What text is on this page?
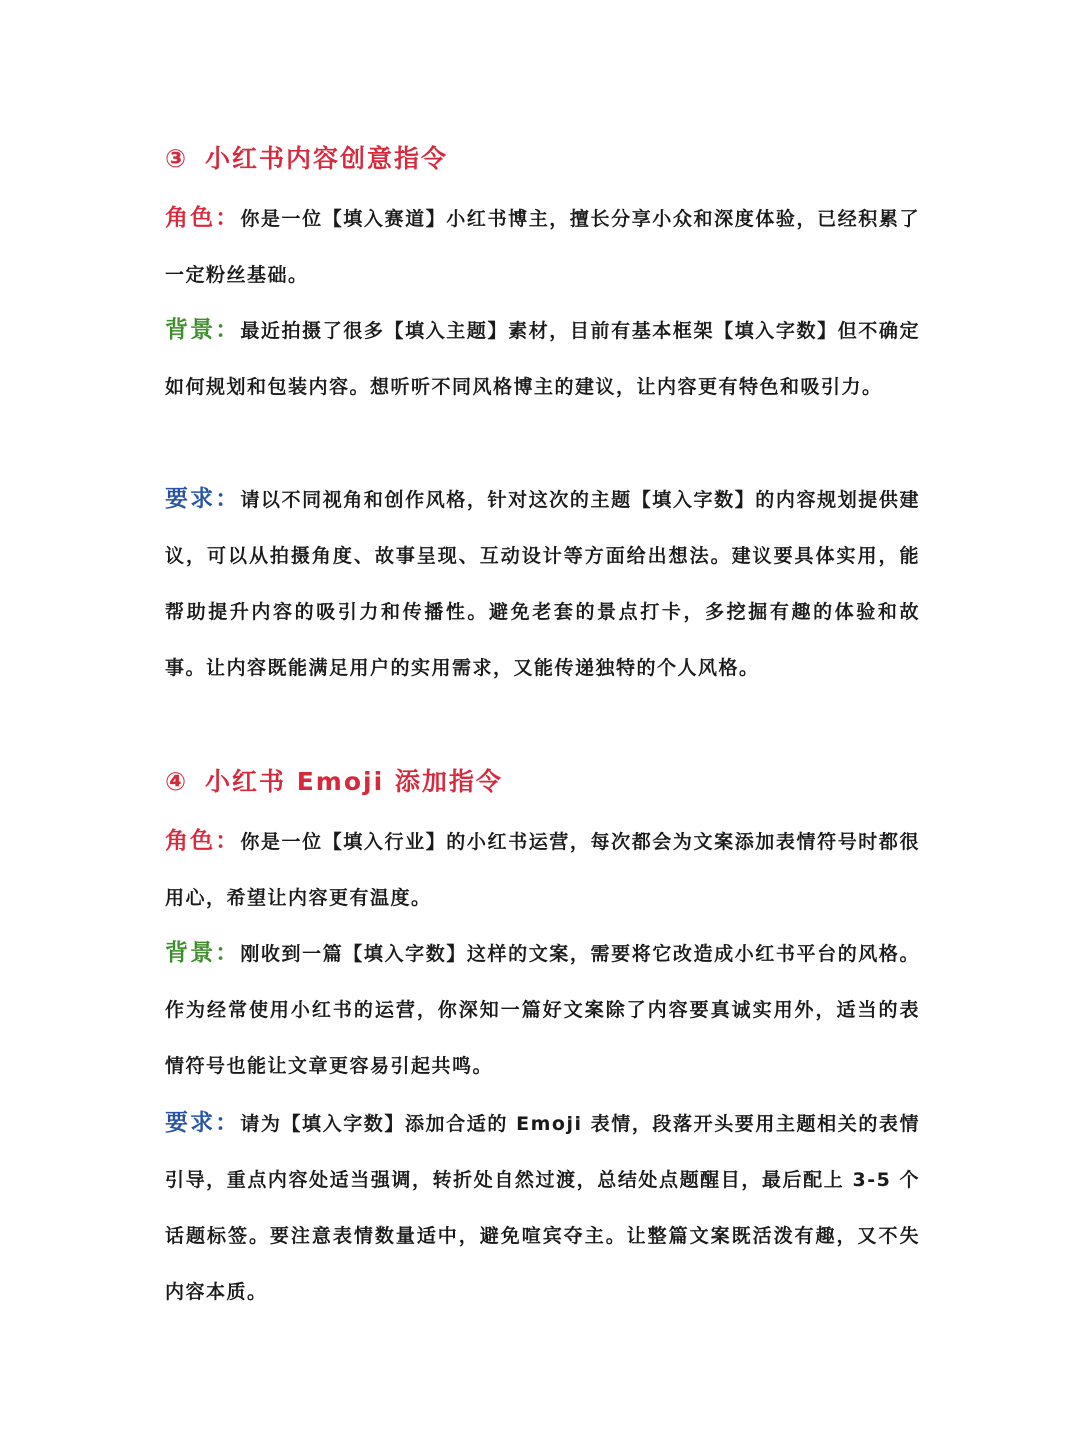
③ 小红书内容创意指令

角色：你是一位【填入赛道】小红书博主，擅长分享小众和深度体验，已经积累了一定粉丝基础。

背景：最近拍摄了很多【填入主题】素材，目前有基本框架【填入字数】但不确定如何规划和包装内容。想听听不同风格博主的建议，让内容更有特色和吸引力。

要求：请以不同视角和创作风格，针对这次的主题【填入字数】的内容规划提供建议，可以从拍摄角度、故事呈现、互动设计等方面给出想法。建议要具体实用，能帮助提升内容的吸引力和传播性。避免老套的景点打卡，多挖掘有趣的体验和故事。让内容既能满足用户的实用需求，又能传递独特的个人风格。

④ 小红书 Emoji 添加指令

角色：你是一位【填入行业】的小红书运营，每次都会为文案添加表情符号时都很用心，希望让内容更有温度。

背景：刚收到一篇【填入字数】这样的文案，需要将它改造成小红书平台的风格。作为经常使用小红书的运营，你深知一篇好文案除了内容要真诚实用外，适当的表情符号也能让文章更容易引起共鸣。

要求：请为【填入字数】添加合适的 Emoji 表情，段落开头要用主题相关的表情引导，重点内容处适当强调，转折处自然过渡，总结处点题醒目，最后配上 3-5 个话题标签。要注意表情数量适中，避免喧宾夺主。让整篇文案既活泼有趣，又不失内容本质。
